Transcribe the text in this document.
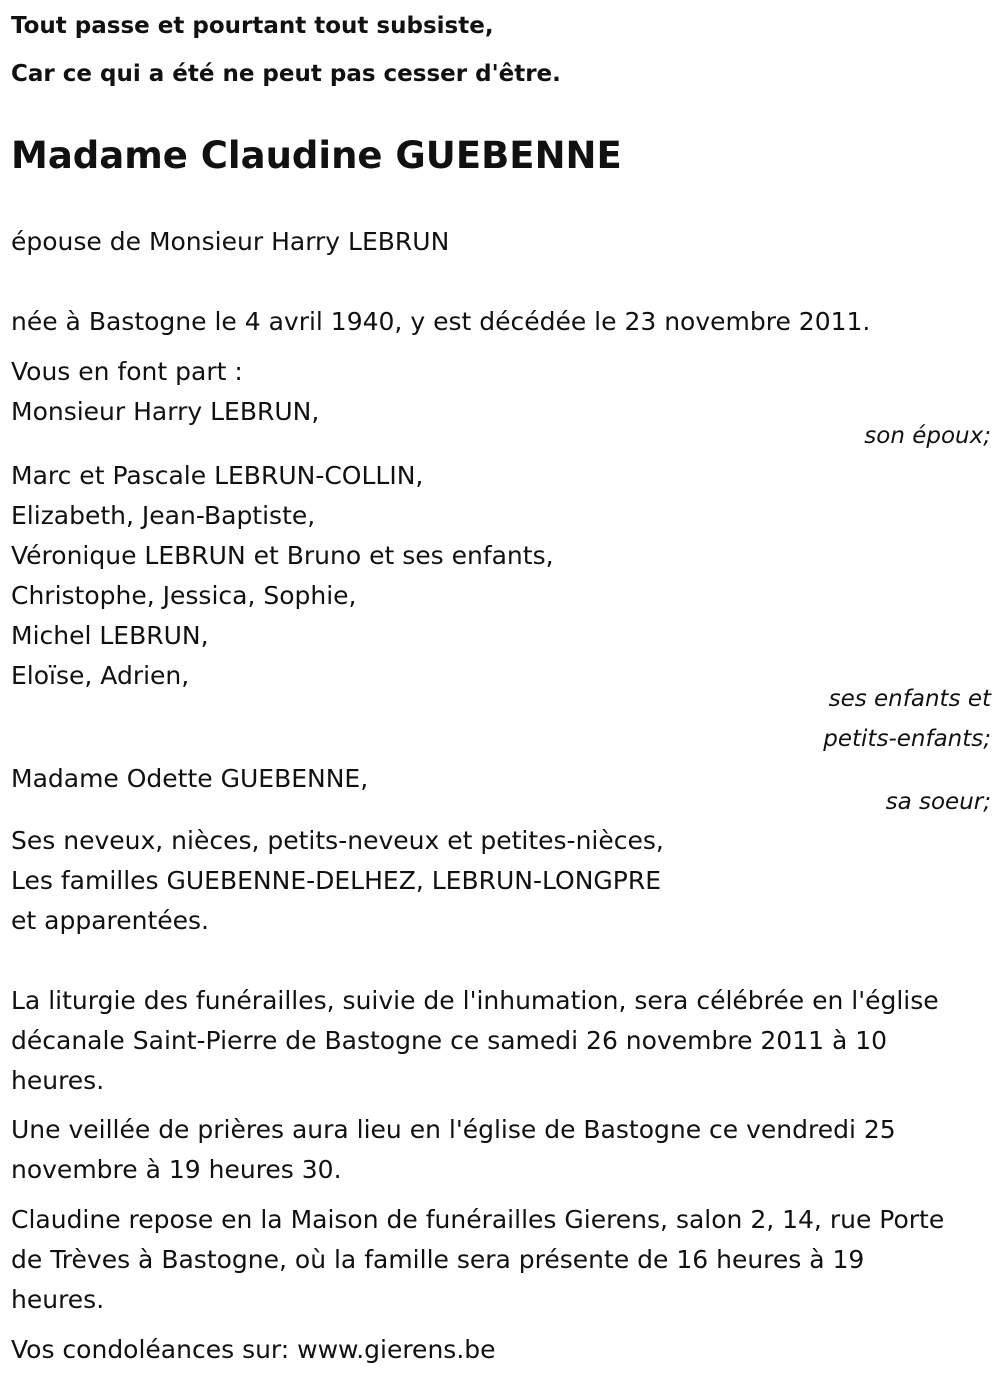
Tout passe et pourtant tout subsiste,
Car ce qui a été ne peut pas cesser d'être.
Madame Claudine GUEBENNE
épouse de Monsieur Harry LEBRUN
née à Bastogne le 4 avril 1940, y est décédée le 23 novembre 2011.
Vous en font part :
Monsieur Harry LEBRUN,
son époux;
Marc et Pascale LEBRUN-COLLIN,
Elizabeth, Jean-Baptiste,
Véronique LEBRUN et Bruno et ses enfants,
Christophe, Jessica, Sophie,
Michel LEBRUN,
Eloïse, Adrien,
ses enfants et
petits-enfants;
Madame Odette GUEBENNE,
sa soeur;
Ses neveux, nièces, petits-neveux et petites-nièces,
Les familles GUEBENNE-DELHEZ, LEBRUN-LONGPRE
et apparentées.
La liturgie des funérailles, suivie de l'inhumation, sera célébrée en l'église
décanale Saint-Pierre de Bastogne ce samedi 26 novembre 2011 à 10
heures.
Une veillée de prières aura lieu en l'église de Bastogne ce vendredi 25
novembre à 19 heures 30.
Claudine repose en la Maison de funérailles Gierens, salon 2, 14, rue Porte
de Trèves à Bastogne, où la famille sera présente de 16 heures à 19
heures.
Vos condoléances sur: www.gierens.be
